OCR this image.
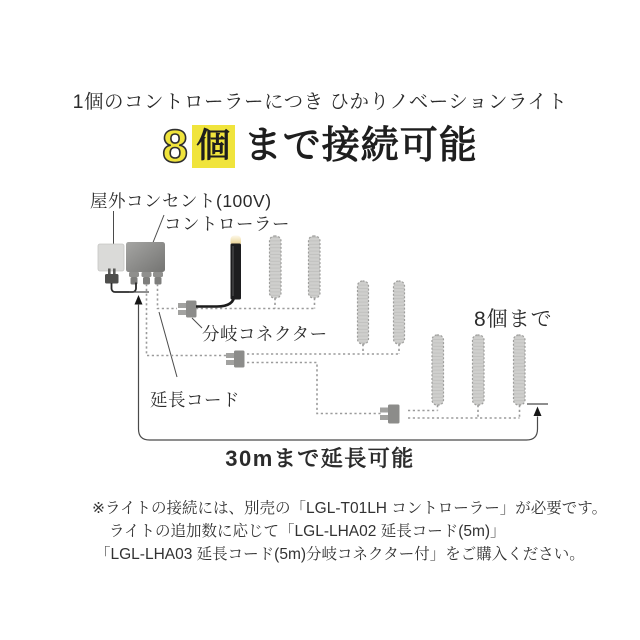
1個のコントローラーにつき ひかりノベーションライト
8 個 まで接続可能
屋外コンセント(100V)
コントローラー
分岐コネクター
延長コード
8個まで
30mまで延長可能
※ライトの接続には、別売の「LGL-T01LH コントローラー」が必要です。
ライトの追加数に応じて「LGL-LHA02 延長コード(5m)」
「LGL-LHA03 延長コード(5m)分岐コネクター付」をご購入ください。
